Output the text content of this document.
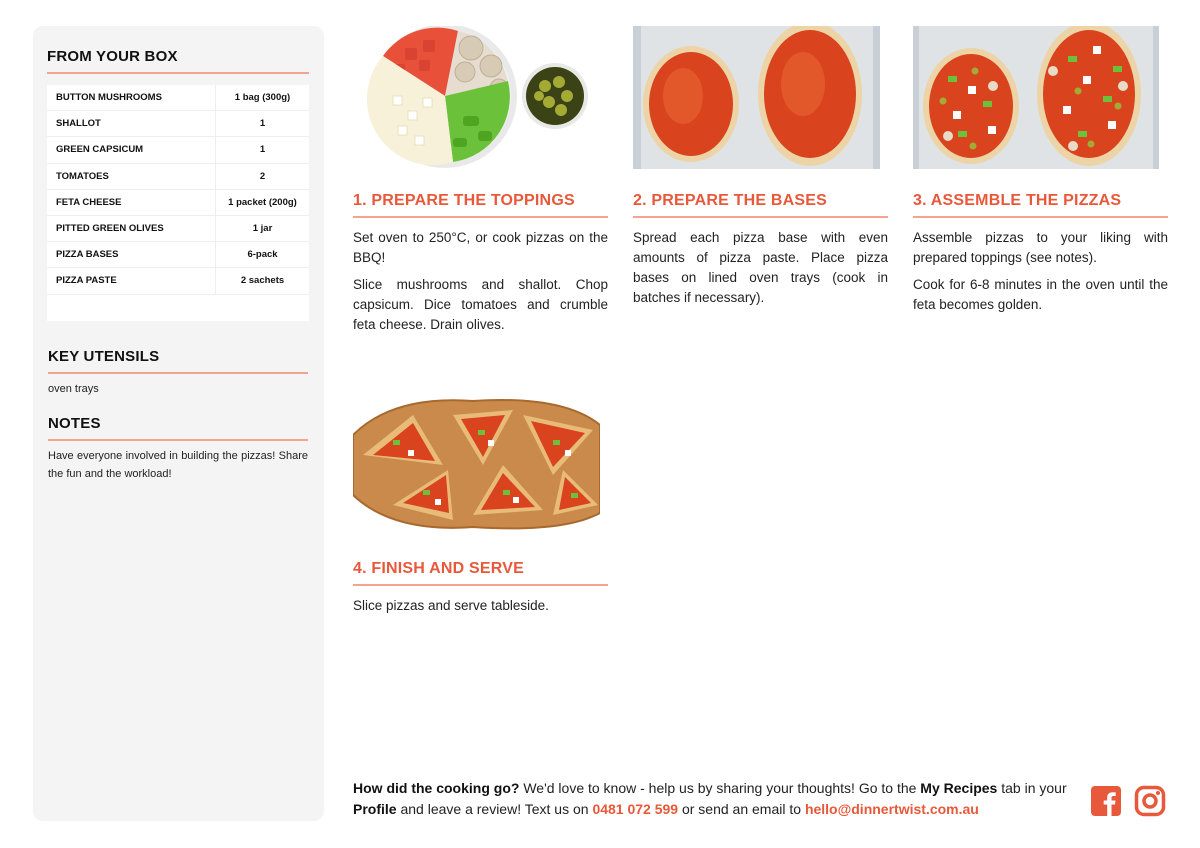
FROM YOUR BOX
BUTTON MUSHROOMS	1 bag (300g)
SHALLOT	1
GREEN CAPSICUM	1
TOMATOES	2
FETA CHEESE	1 packet (200g)
PITTED GREEN OLIVES	1 jar
PIZZA BASES	6-pack
PIZZA PASTE	2 sachets
KEY UTENSILS
oven trays
NOTES
Have everyone involved in building the pizzas! Share the fun and the workload!
1. PREPARE THE TOPPINGS

Set oven to 250°C, or cook pizzas on the BBQ!

Slice mushrooms and shallot. Chop capsicum. Dice tomatoes and crumble feta cheese. Drain olives.

2. PREPARE THE BASES

Spread each pizza base with even amounts of pizza paste. Place pizza bases on lined oven trays (cook in batches if necessary).

3. ASSEMBLE THE PIZZAS

Assemble pizzas to your liking with prepared toppings (see notes).

Cook for 6-8 minutes in the oven until the feta becomes golden.

4. FINISH AND SERVE

Slice pizzas and serve tableside.

How did the cooking go? We'd love to know - help us by sharing your thoughts! Go to the My Recipes tab in your Profile and leave a review! Text us on 0481 072 599 or send an email to hello@dinnertwist.com.au
